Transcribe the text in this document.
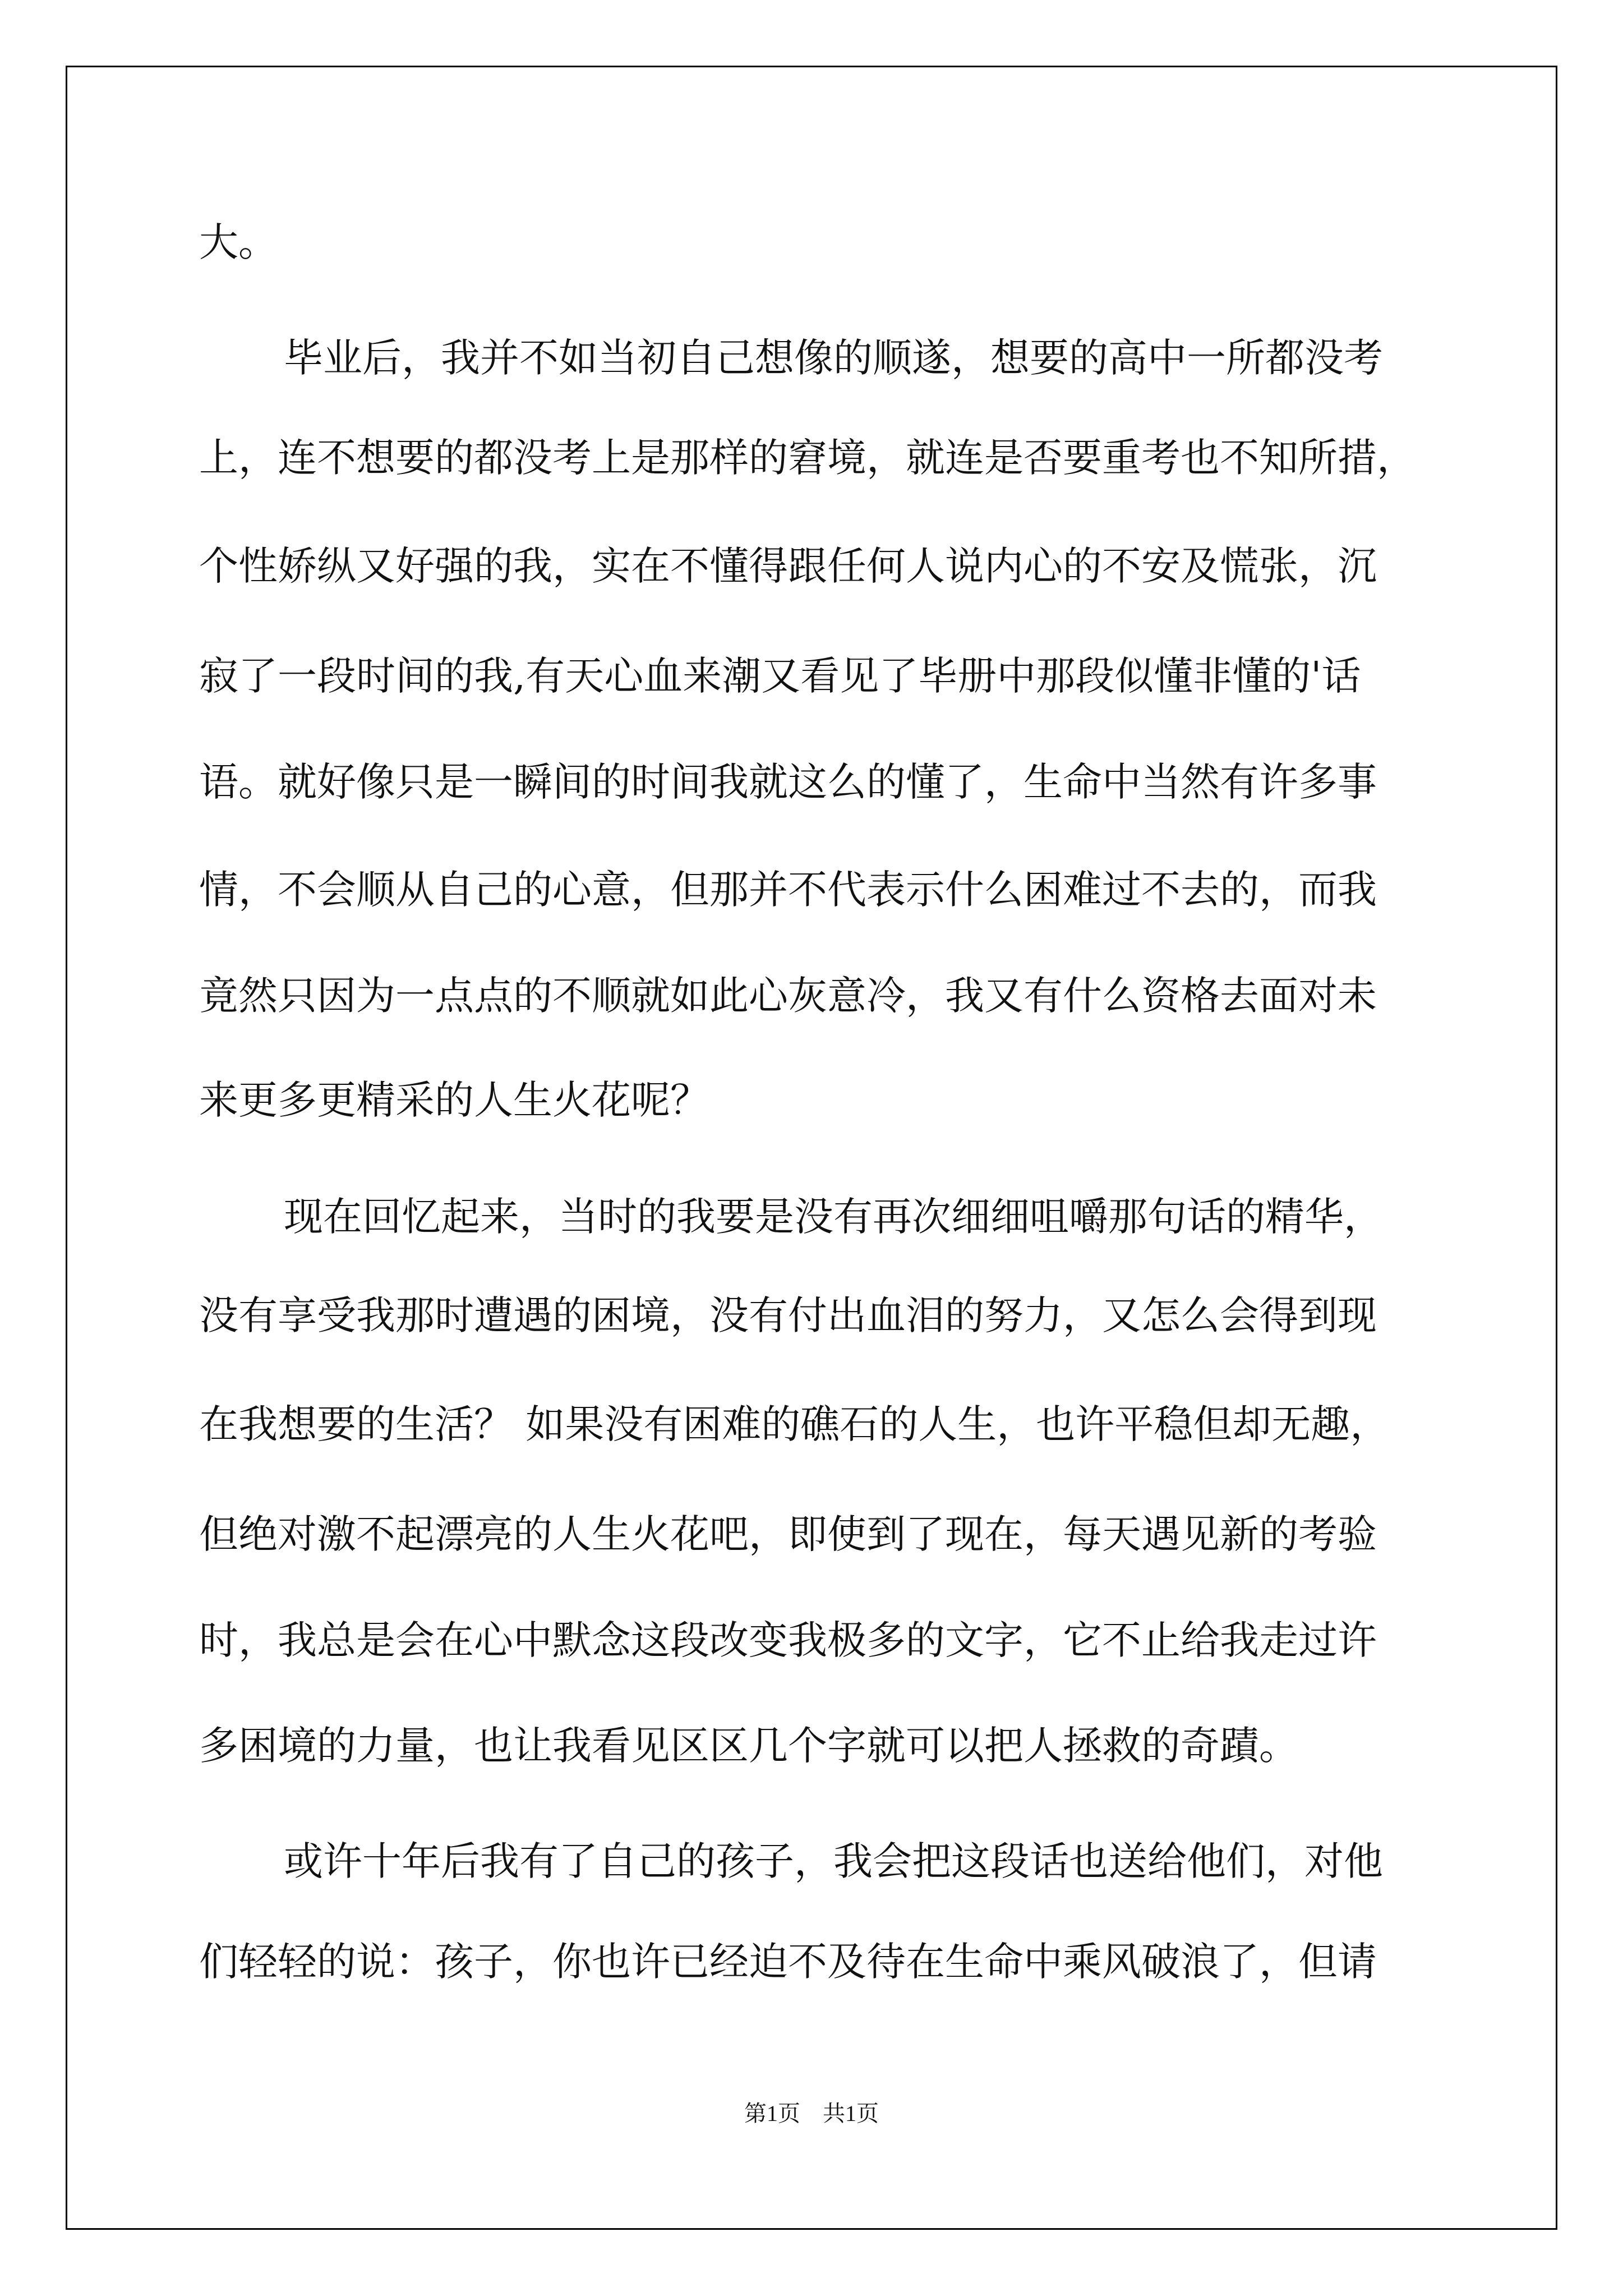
大。

毕业后，我并不如当初自己想像的顺遂，想要的高中一所都没考

上，连不想要的都没考上是那样的窘境，就连是否要重考也不知所措，

个性娇纵又好强的我，实在不懂得跟任何人说内心的不安及慌张，沉

寂了一段时间的我,有天心血来潮又看见了毕册中那段似懂非懂的'话

语。就好像只是一瞬间的时间我就这么的懂了，生命中当然有许多事

情，不会顺从自己的心意，但那并不代表示什么困难过不去的，而我

竟然只因为一点点的不顺就如此心灰意冷，我又有什么资格去面对未

来更多更精采的人生火花呢？

现在回忆起来，当时的我要是没有再次细细咀嚼那句话的精华，

没有享受我那时遭遇的困境，没有付出血泪的努力，又怎么会得到现

在我想要的生活？ 如果没有困难的礁石的人生，也许平稳但却无趣，

但绝对激不起漂亮的人生火花吧，即使到了现在，每天遇见新的考验

时，我总是会在心中默念这段改变我极多的文字，它不止给我走过许

多困境的力量，也让我看见区区几个字就可以把人拯救的奇蹟。

或许十年后我有了自己的孩子，我会把这段话也送给他们，对他

们轻轻的说：孩子，你也许已经迫不及待在生命中乘风破浪了，但请

第1页　共1页
